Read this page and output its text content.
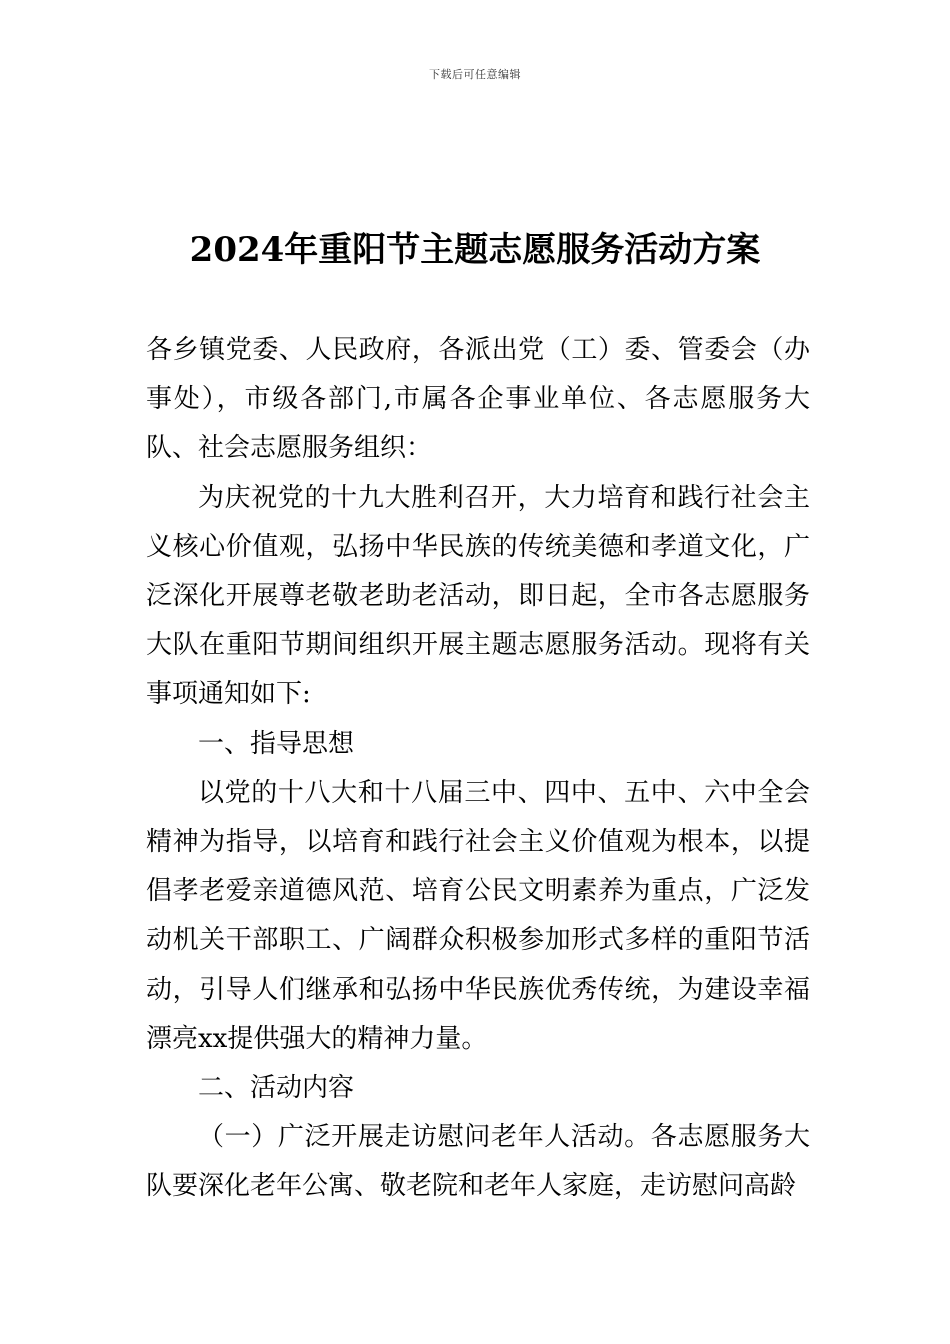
下载后可任意编辑
2024年重阳节主题志愿服务活动方案

各乡镇党委、人民政府，各派出党（工）委、管委会（办事处），市级各部门,市属各企事业单位、各志愿服务大队、社会志愿服务组织：

为庆祝党的十九大胜利召开，大力培育和践行社会主义核心价值观，弘扬中华民族的传统美德和孝道文化，广泛深化开展尊老敬老助老活动，即日起，全市各志愿服务大队在重阳节期间组织开展主题志愿服务活动。现将有关事项通知如下:

一、指导思想

以党的十八大和十八届三中、四中、五中、六中全会精神为指导，以培育和践行社会主义价值观为根本，以提倡孝老爱亲道德风范、培育公民文明素养为重点，广泛发动机关干部职工、广阔群众积极参加形式多样的重阳节活动，引导人们继承和弘扬中华民族优秀传统，为建设幸福漂亮xx提供强大的精神力量。

二、活动内容

（一）广泛开展走访慰问老年人活动。各志愿服务大队要深化老年公寓、敬老院和老年人家庭，走访慰问高龄
